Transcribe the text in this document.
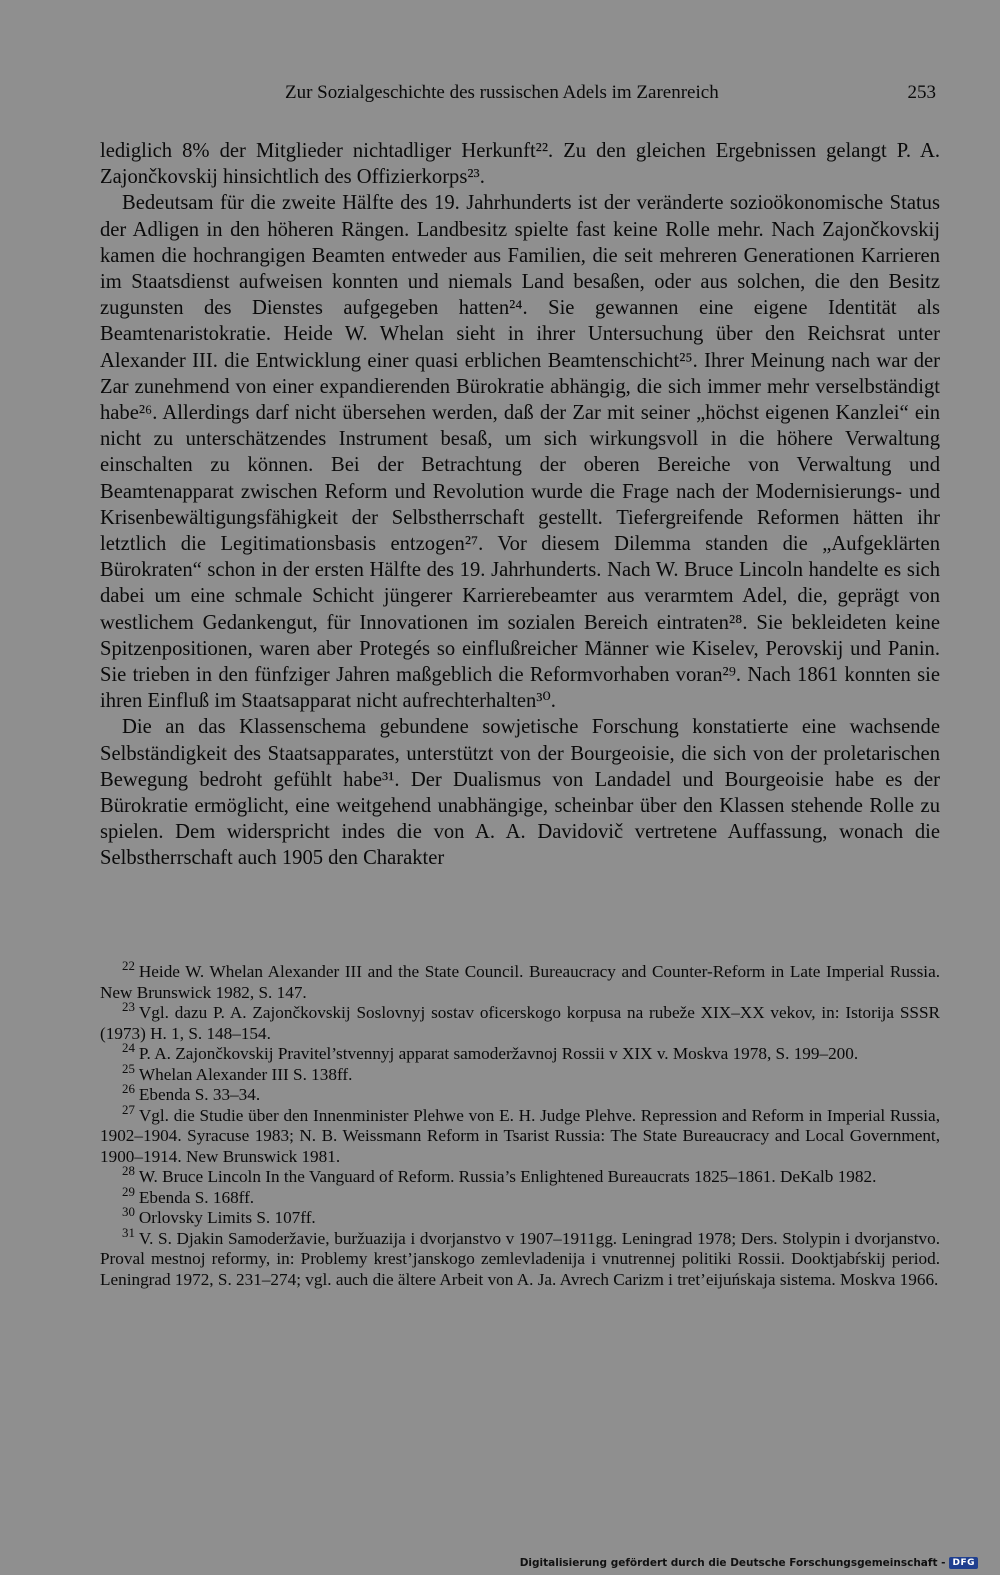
Zur Sozialgeschichte des russischen Adels im Zarenreich	253

lediglich 8% der Mitglieder nichtadliger Herkunft²². Zu den gleichen Ergebnissen gelangt P. A. Zajončkovskij hinsichtlich des Offizierkorps²³.

Bedeutsam für die zweite Hälfte des 19. Jahrhunderts ist der veränderte sozioökonomische Status der Adligen in den höheren Rängen. Landbesitz spielte fast keine Rolle mehr. Nach Zajončkovskij kamen die hochrangigen Beamten entweder aus Familien, die seit mehreren Generationen Karrieren im Staatsdienst aufweisen konnten und niemals Land besaßen, oder aus solchen, die den Besitz zugunsten des Dienstes aufgegeben hatten²⁴. Sie gewannen eine eigene Identität als Beamtenaristokratie. Heide W. Whelan sieht in ihrer Untersuchung über den Reichsrat unter Alexander III. die Entwicklung einer quasi erblichen Beamtenschicht²⁵. Ihrer Meinung nach war der Zar zunehmend von einer expandierenden Bürokratie abhängig, die sich immer mehr verselbständigt habe²⁶. Allerdings darf nicht übersehen werden, daß der Zar mit seiner „höchst eigenen Kanzlei“ ein nicht zu unterschätzendes Instrument besaß, um sich wirkungsvoll in die höhere Verwaltung einschalten zu können. Bei der Betrachtung der oberen Bereiche von Verwaltung und Beamtenapparat zwischen Reform und Revolution wurde die Frage nach der Modernisierungs- und Krisenbewältigungsfähigkeit der Selbstherrschaft gestellt. Tiefergreifende Reformen hätten ihr letztlich die Legitimationsbasis entzogen²⁷. Vor diesem Dilemma standen die „Aufgeklärten Bürokraten“ schon in der ersten Hälfte des 19. Jahrhunderts. Nach W. Bruce Lincoln handelte es sich dabei um eine schmale Schicht jüngerer Karrierebeamter aus verarmtem Adel, die, geprägt von westlichem Gedankengut, für Innovationen im sozialen Bereich eintraten²⁸. Sie bekleideten keine Spitzenpositionen, waren aber Protegés so einflußreicher Männer wie Kiselev, Perovskij und Panin. Sie trieben in den fünfziger Jahren maßgeblich die Reformvorhaben voran²⁹. Nach 1861 konnten sie ihren Einfluß im Staatsapparat nicht aufrechterhalten³⁰.

Die an das Klassenschema gebundene sowjetische Forschung konstatierte eine wachsende Selbständigkeit des Staatsapparates, unterstützt von der Bourgeoisie, die sich von der proletarischen Bewegung bedroht gefühlt habe³¹. Der Dualismus von Landadel und Bourgeoisie habe es der Bürokratie ermöglicht, eine weitgehend unabhängige, scheinbar über den Klassen stehende Rolle zu spielen. Dem widerspricht indes die von A. A. Davidovič vertretene Auffassung, wonach die Selbstherrschaft auch 1905 den Charakter

$^{22}$ Heide W. Whelan Alexander III and the State Council. Bureaucracy and Counter-Reform in Late Imperial Russia. New Brunswick 1982, S. 147.

$^{23}$ Vgl. dazu P. A. Zajončkovskij Soslovnyj sostav oficerskogo korpusa na rubeže XIX–XX vekov, in: Istorija SSSR (1973) H. 1, S. 148–154.

$^{24}$ P. A. Zajončkovskij Pravitel’stvennyj apparat samoderžavnoj Rossii v XIX v. Moskva 1978, S. 199–200.

$^{25}$ Whelan Alexander III S. 138ff.

$^{26}$ Ebenda S. 33–34.

$^{27}$ Vgl. die Studie über den Innenminister Plehwe von E. H. Judge Plehve. Repression and Reform in Imperial Russia, 1902–1904. Syracuse 1983; N. B. Weissmann Reform in Tsarist Russia: The State Bureaucracy and Local Government, 1900–1914. New Brunswick 1981.

$^{28}$ W. Bruce Lincoln In the Vanguard of Reform. Russia’s Enlightened Bureaucrats 1825–1861. DeKalb 1982.

$^{29}$ Ebenda S. 168ff.

$^{30}$ Orlovsky Limits S. 107ff.

$^{31}$ V. S. Djakin Samoderžavie, buržuazija i dvorjanstvo v 1907–1911gg. Leningrad 1978; Ders. Stolypin i dvorjanstvo. Proval mestnoj reformy, in: Problemy krest’janskogo zemlevladenija i vnutrennej politiki Rossii. Dooktjabŕskij period. Leningrad 1972, S. 231–274; vgl. auch die ältere Arbeit von A. Ja. Avrech Carizm i tret’eijuńskaja sistema. Moskva 1966.

Digitalisierung gefördert durch die Deutsche Forschungsgemeinschaft - DFG
